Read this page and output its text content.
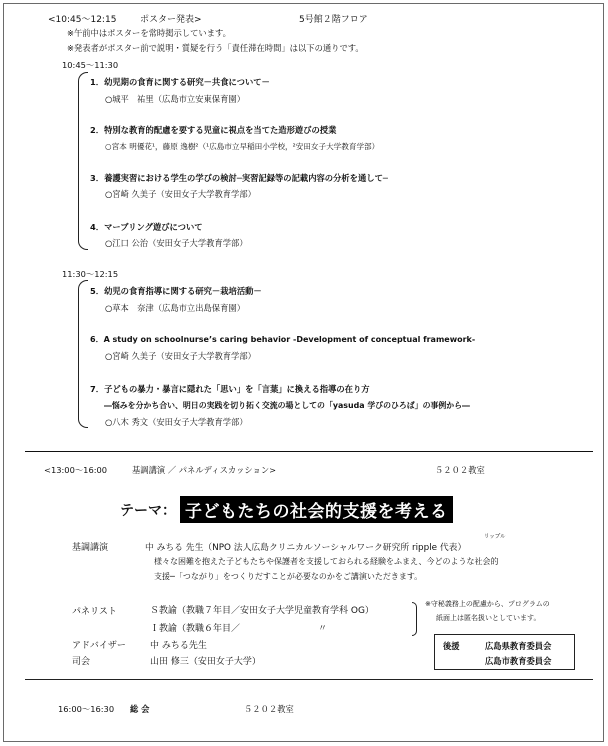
<10:45～12:15	ポスター発表>	5号館２階フロア
※午前中はポスターを常時掲示しています。
※発表者がポスター前で説明・質疑を行う「責任滞在時間」は以下の通りです。
10:45～11:30
1．幼児期の食育に関する研究－共食について－
○城平　祐里（広島市立安東保育園）
2．特別な教育的配慮を要する児童に視点を当てた造形遊びの授業
○宮本 明優花¹，藤原 逸樹²（¹広島市立早稲田小学校，²安田女子大学教育学部）
3．養護実習における学生の学びの検討─実習記録等の記載内容の分析を通して─
○宮崎 久美子（安田女子大学教育学部）
4．マーブリング遊びについて
○江口 公治（安田女子大学教育学部）
11:30～12:15
5．幼児の食育指導に関する研究－栽培活動－
○草本　奈津（広島市立出島保育園）
6．A study on schoolnurse’s caring behavior -Development of conceptual framework-
○宮崎 久美子（安田女子大学教育学部）
7．子どもの暴力・暴言に隠れた「思い」を「言葉」に換える指導の在り方
―悩みを分かち合い、明日の実践を切り拓く交流の場としての「yasuda 学びのひろば」の事例から―
○八木 秀文（安田女子大学教育学部）
<13:00～16:00	基調講演 ／ パネルディスカッション>	５２０２教室
テーマ： 子どもたちの社会的支援を考える
基調講演
リップル
中 みちる 先生（NPO 法人広島クリニカルソーシャルワーク研究所 ripple 代表）
様々な困難を抱えた子どもたちや保護者を支援しておられる経験をふまえ、今どのような社会的
支援─「つながり」をつくりだすことが必要なのかをご講演いただきます。
パネリスト	Ｓ教諭（教職７年目／安田女子大学児童教育学科 OG）
Ｉ教諭（教職６年目／	〃
※守秘義務上の配慮から、プログラムの
紙面上は匿名扱いとしています。
アドバイザー	中 みちる先生
司会	山田 修三（安田女子大学）
後援	広島県教育委員会
広島市教育委員会
16:00～16:30 総 会	５２０２教室
